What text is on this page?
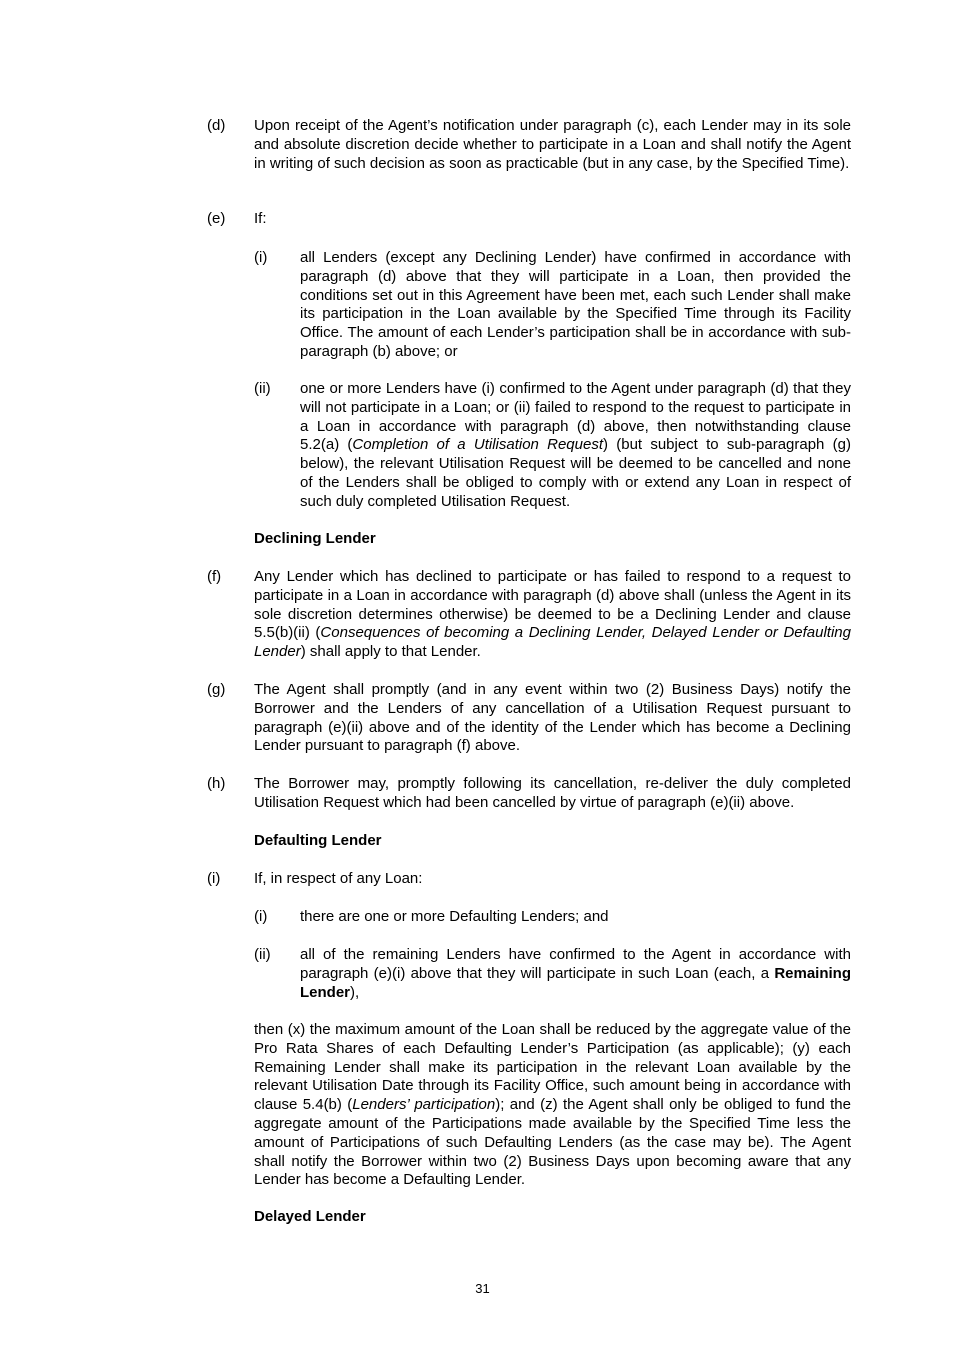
(d) Upon receipt of the Agent’s notification under paragraph (c), each Lender may in its sole and absolute discretion decide whether to participate in a Loan and shall notify the Agent in writing of such decision as soon as practicable (but in any case, by the Specified Time).

(e) If:

(i) all Lenders (except any Declining Lender) have confirmed in accordance with paragraph (d) above that they will participate in a Loan, then provided the conditions set out in this Agreement have been met, each such Lender shall make its participation in the Loan available by the Specified Time through its Facility Office. The amount of each Lender’s participation shall be in accordance with sub-paragraph (b) above; or

(ii) one or more Lenders have (i) confirmed to the Agent under paragraph (d) that they will not participate in a Loan; or (ii) failed to respond to the request to participate in a Loan in accordance with paragraph (d) above, then notwithstanding clause 5.2(a) (Completion of a Utilisation Request) (but subject to sub-paragraph (g) below), the relevant Utilisation Request will be deemed to be cancelled and none of the Lenders shall be obliged to comply with or extend any Loan in respect of such duly completed Utilisation Request.

Declining Lender
(f) Any Lender which has declined to participate or has failed to respond to a request to participate in a Loan in accordance with paragraph (d) above shall (unless the Agent in its sole discretion determines otherwise) be deemed to be a Declining Lender and clause 5.5(b)(ii) (Consequences of becoming a Declining Lender, Delayed Lender or Defaulting Lender) shall apply to that Lender.

(g) The Agent shall promptly (and in any event within two (2) Business Days) notify the Borrower and the Lenders of any cancellation of a Utilisation Request pursuant to paragraph (e)(ii) above and of the identity of the Lender which has become a Declining Lender pursuant to paragraph (f) above.

(h) The Borrower may, promptly following its cancellation, re-deliver the duly completed Utilisation Request which had been cancelled by virtue of paragraph (e)(ii) above.

Defaulting Lender
(i) If, in respect of any Loan:

(i) there are one or more Defaulting Lenders; and

(ii) all of the remaining Lenders have confirmed to the Agent in accordance with paragraph (e)(i) above that they will participate in such Loan (each, a Remaining Lender),

then (x) the maximum amount of the Loan shall be reduced by the aggregate value of the Pro Rata Shares of each Defaulting Lender’s Participation (as applicable); (y) each Remaining Lender shall make its participation in the relevant Loan available by the relevant Utilisation Date through its Facility Office, such amount being in accordance with clause 5.4(b) (Lenders’ participation); and (z) the Agent shall only be obliged to fund the aggregate amount of the Participations made available by the Specified Time less the amount of Participations of such Defaulting Lenders (as the case may be). The Agent shall notify the Borrower within two (2) Business Days upon becoming aware that any Lender has become a Defaulting Lender.

Delayed Lender
31
